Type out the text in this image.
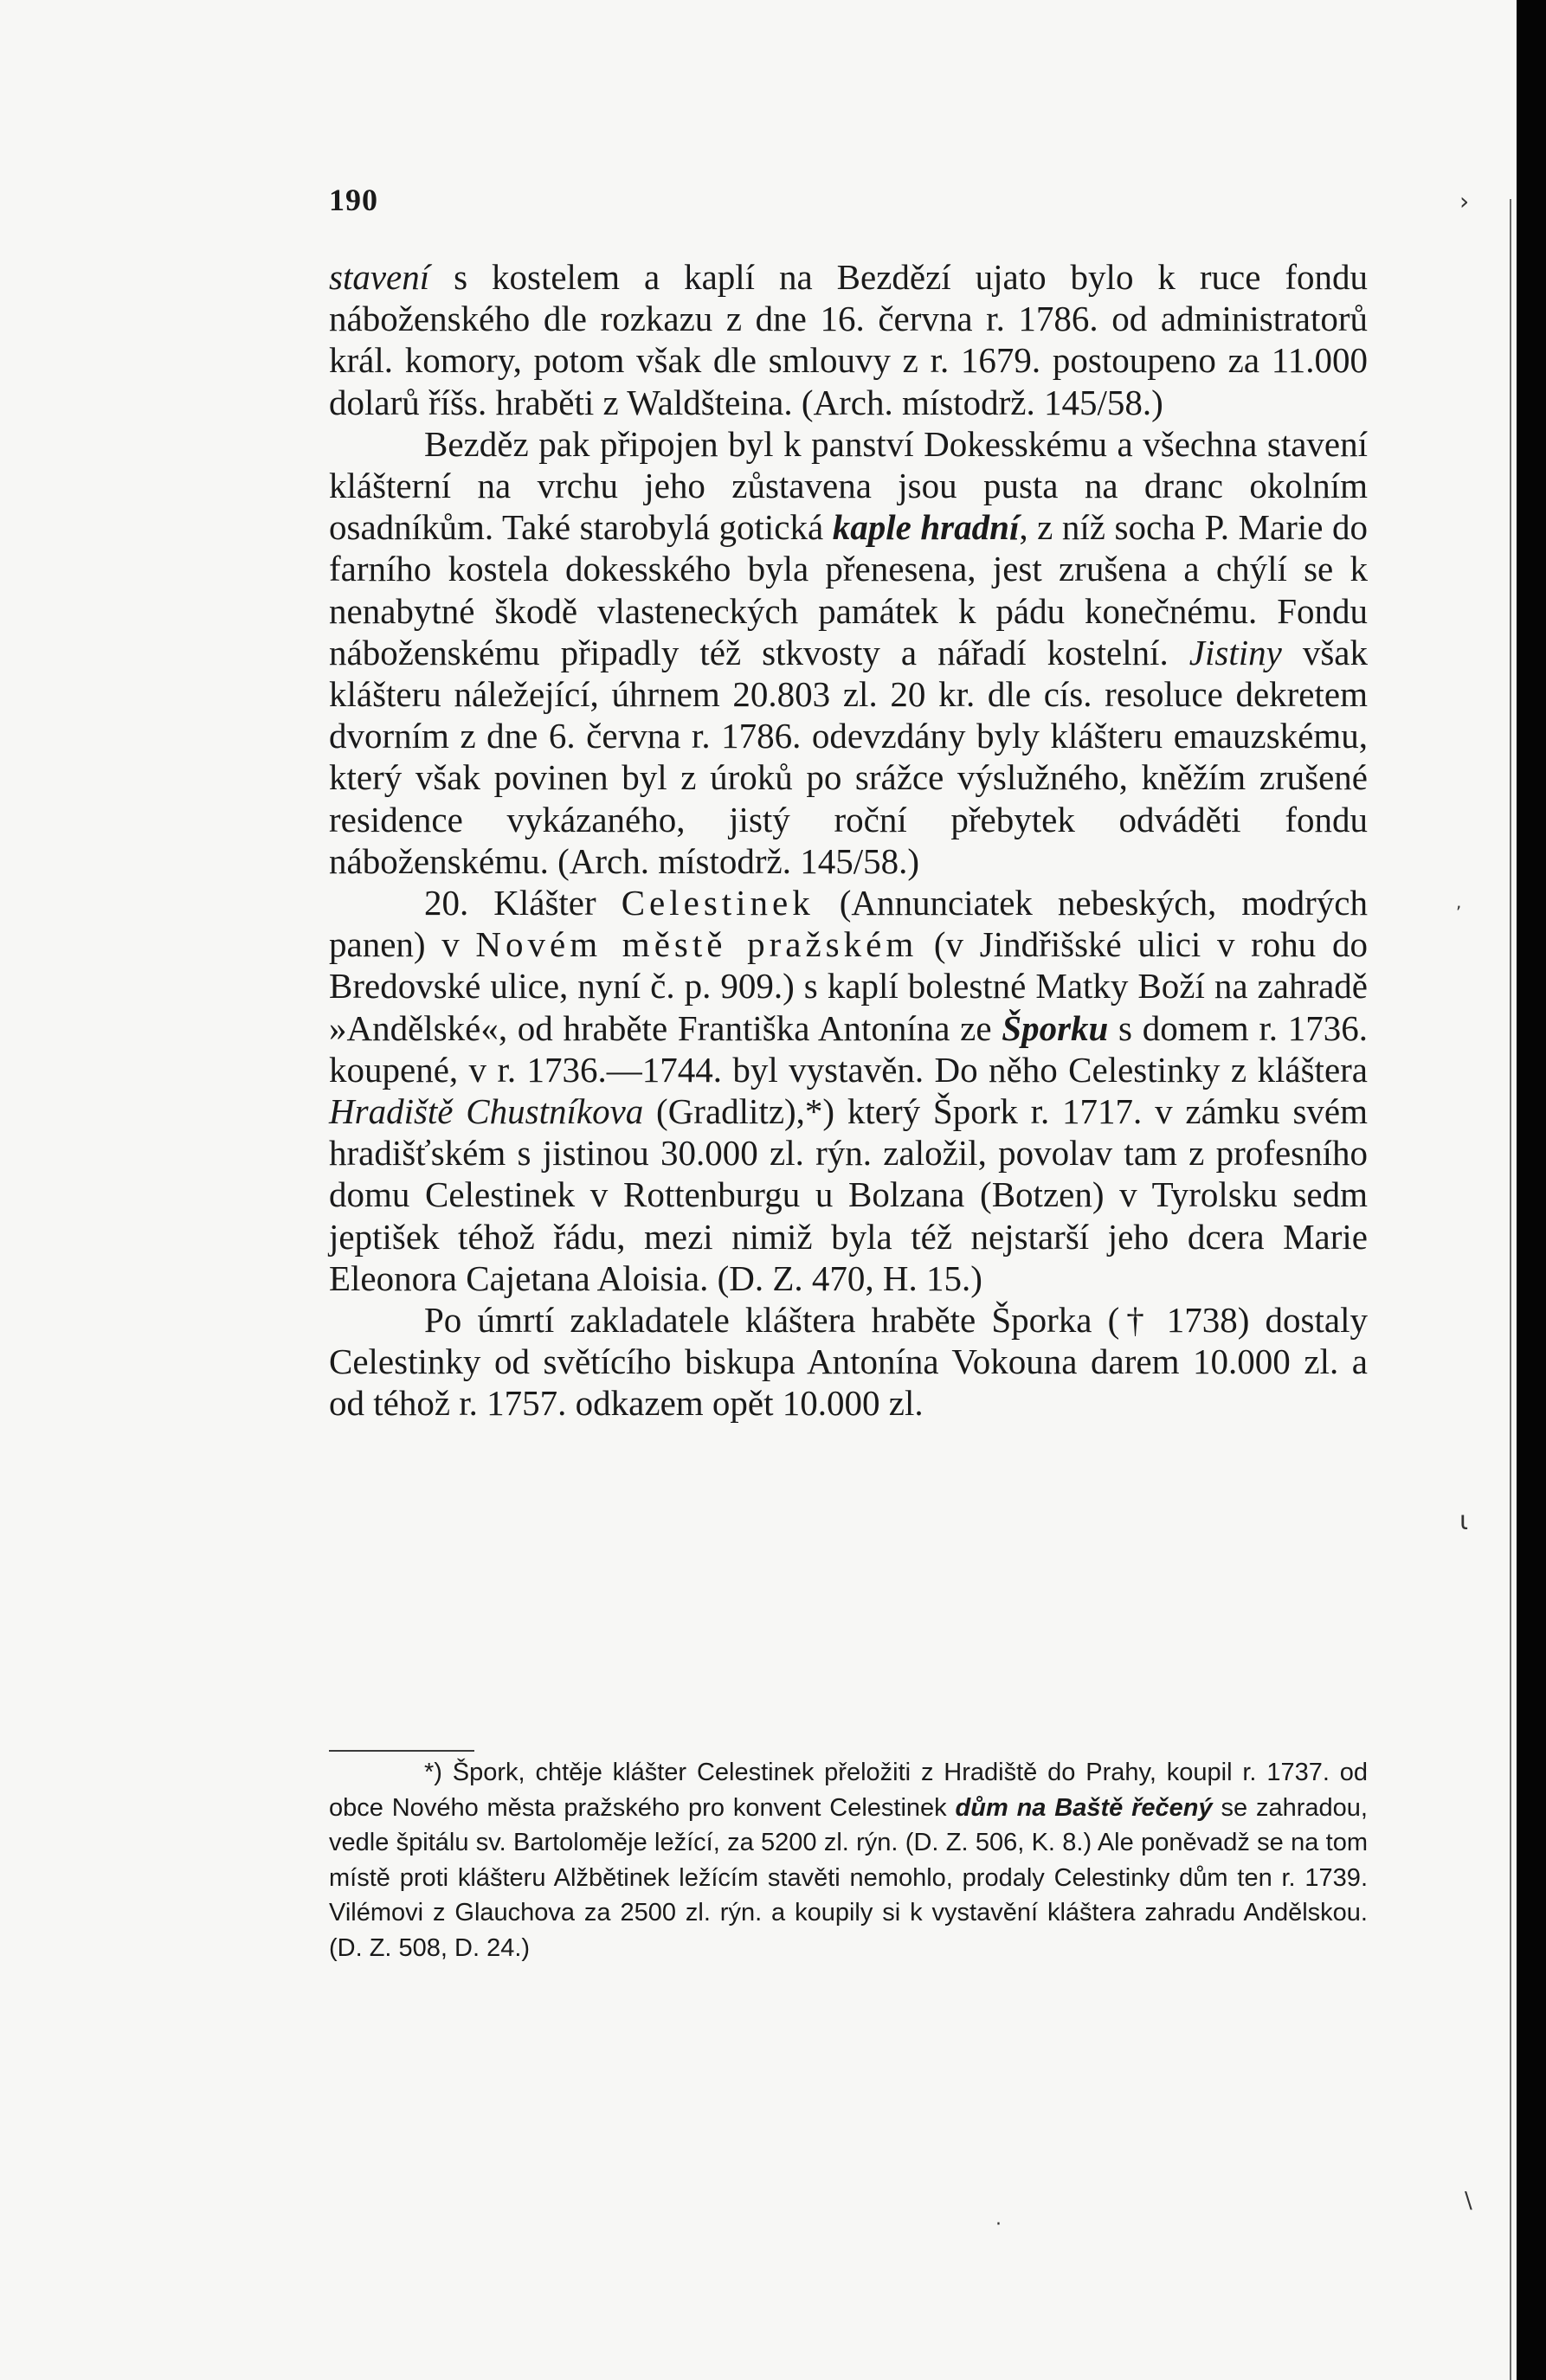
190

stavení s kostelem a kaplí na Bezdězí ujato bylo k ruce fondu náboženského dle rozkazu z dne 16. června r. 1786. od administratorů král. komory, potom však dle smlouvy z r. 1679. postoupeno za 11.000 dolarů říšs. hraběti z Waldšteina. (Arch. místodrž. 145/58.)

Bezděz pak připojen byl k panství Dokesskému a všechna stavení klášterní na vrchu jeho zůstavena jsou pusta na dranc okolním osadníkům. Také starobylá gotická kaple hradní, z níž socha P. Marie do farního kostela dokesského byla přenesena, jest zrušena a chýlí se k nenabytné škodě vlasteneckých památek k pádu konečnému. Fondu náboženskému připadly též stkvosty a nářadí kostelní. Jistiny však klášteru náležející, úhrnem 20.803 zl. 20 kr. dle cís. resoluce dekretem dvorním z dne 6. června r. 1786. odevzdány byly klášteru emauzskému, který však povinen byl z úroků po srážce výslužného, kněžím zrušené residence vykázaného, jistý roční přebytek odváděti fondu náboženskému. (Arch. místodrž. 145/58.)

20. Klášter Celestinek (Annunciatek nebeských, modrých panen) v Novém městě pražském (v Jindřišské ulici v rohu do Bredovské ulice, nyní č. p. 909.) s kaplí bolestné Matky Boží na zahradě »Andělské«, od hraběte Františka Antonína ze Šporku s domem r. 1736. koupené, v r. 1736.—1744. byl vystavěn. Do něho Celestinky z kláštera Hradiště Chustníkova (Gradlitz),*) který Špork r. 1717. v zámku svém hradišťském s jistinou 30.000 zl. rýn. založil, povolav tam z profesního domu Celestinek v Rottenburgu u Bolzana (Botzen) v Tyrolsku sedm jeptišek téhož řádu, mezi nimiž byla též nejstarší jeho dcera Marie Eleonora Cajetana Aloisia. (D. Z. 470, H. 15.)

Po úmrtí zakladatele kláštera hraběte Šporka († 1738) dostaly Celestinky od světícího biskupa Antonína Vokouna darem 10.000 zl. a od téhož r. 1757. odkazem opět 10.000 zl.

*) Špork, chtěje klášter Celestinek přeložiti z Hradiště do Prahy, koupil r. 1737. od obce Nového města pražského pro konvent Celestinek dům na Baště řečený se zahradou, vedle špitálu sv. Bartoloměje ležící, za 5200 zl. rýn. (D. Z. 506, K. 8.) Ale poněvadž se na tom místě proti klášteru Alžbětinek ležícím stavěti nemohlo, prodaly Celestinky dům ten r. 1739. Vilémovi z Glauchova za 2500 zl. rýn. a koupily si k vystavění kláštera zahradu Andělskou. (D. Z. 508, D. 24.)
›
,
ι
\
·
